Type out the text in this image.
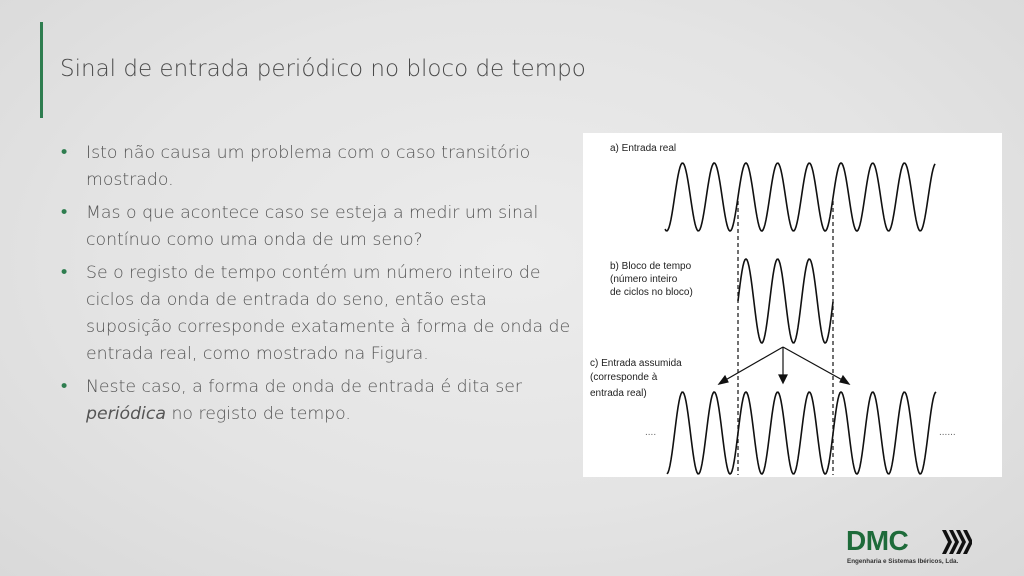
Sinal de entrada periódico no bloco de tempo
• Isto não causa um problema com o caso transitório mostrado.
• Mas o que acontece caso se esteja a medir um sinal contínuo como uma onda de um seno?
• Se o registo de tempo contém um número inteiro de ciclos da onda de entrada do seno, então esta suposição corresponde exatamente à forma de onda de entrada real, como mostrado na Figura.
• Neste caso, a forma de onda de entrada é dita ser periódica no registo de tempo.
a) Entrada real
b) Bloco de tempo
(número inteiro
de ciclos no bloco)
c) Entrada assumida
(corresponde à
entrada real)
....	......
DMC
Engenharia e Sistemas Ibéricos, Lda.
